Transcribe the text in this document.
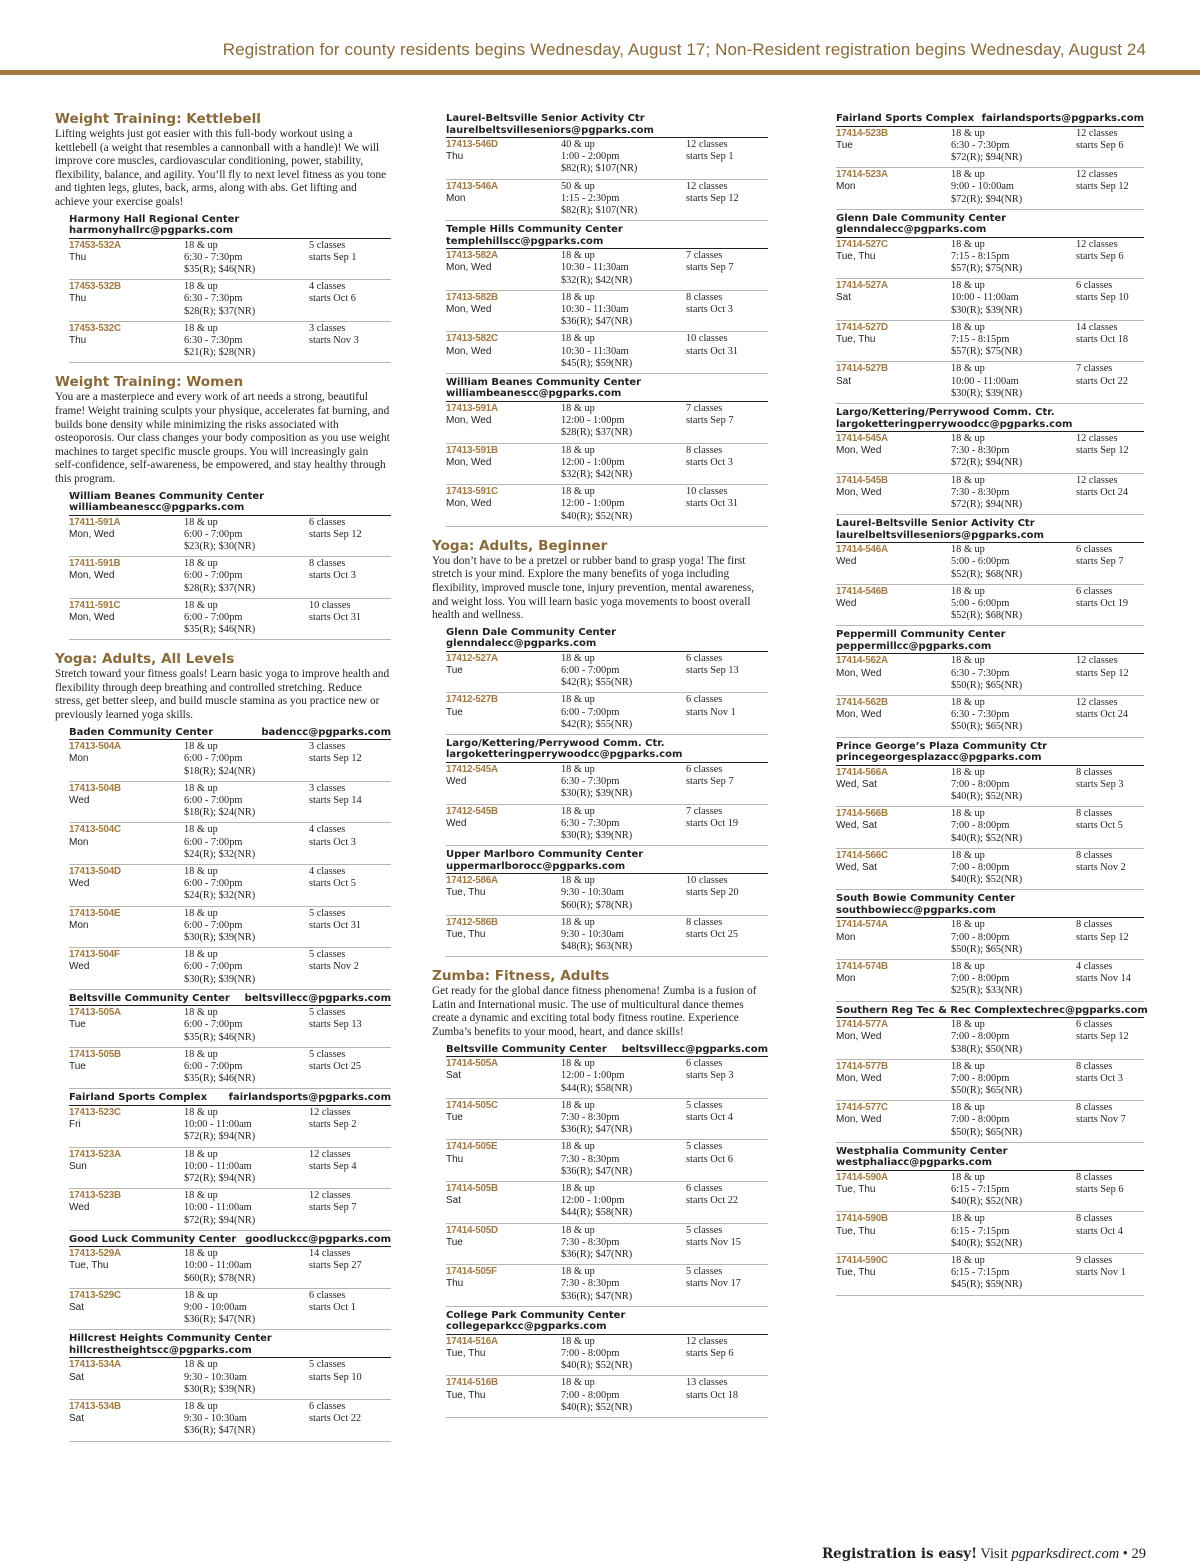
Registration for county residents begins Wednesday, August 17; Non-Resident registration begins Wednesday, August 24
Weight Training: Kettlebell
Lifting weights just got easier with this full-body workout using a kettlebell (a weight that resembles a cannonball with a handle)! We will improve core muscles, cardiovascular conditioning, power, stability, flexibility, balance, and agility. You’ll fly to next level fitness as you tone and tighten legs, glutes, back, arms, along with abs. Get lifting and achieve your exercise goals!
Harmony Hall Regional Center
harmonyhallrc@pgparks.com
17453-532A
Thu
18 & up
6:30 - 7:30pm
$35(R); $46(NR)
5 classes
starts Sep 1
17453-532B
Thu
18 & up
6:30 - 7:30pm
$28(R); $37(NR)
4 classes
starts Oct 6
17453-532C
Thu
18 & up
6:30 - 7:30pm
$21(R); $28(NR)
3 classes
starts Nov 3
Weight Training: Women
You are a masterpiece and every work of art needs a strong, beautiful frame! Weight training sculpts your physique, accelerates fat burning, and builds bone density while minimizing the risks associated with osteoporosis. Our class changes your body composition as you use weight machines to target specific muscle groups. You will increasingly gain self-confidence, self-awareness, be empowered, and stay healthy through this program.
William Beanes Community Center
williambeanescc@pgparks.com
17411-591A
Mon, Wed
18 & up
6:00 - 7:00pm
$23(R); $30(NR)
6 classes
starts Sep 12
17411-591B
Mon, Wed
18 & up
6:00 - 7:00pm
$28(R); $37(NR)
8 classes
starts Oct 3
17411-591C
Mon, Wed
18 & up
6:00 - 7:00pm
$35(R); $46(NR)
10 classes
starts Oct 31
Yoga: Adults, All Levels
Stretch toward your fitness goals! Learn basic yoga to improve health and flexibility through deep breathing and controlled stretching. Reduce stress, get better sleep, and build muscle stamina as you practice new or previously learned yoga skills.
Baden Community Center	badencc@pgparks.com
17413-504A
Mon
18 & up
6:00 - 7:00pm
$18(R); $24(NR)
3 classes
starts Sep 12
17413-504B
Wed
18 & up
6:00 - 7:00pm
$18(R); $24(NR)
3 classes
starts Sep 14
17413-504C
Mon
18 & up
6:00 - 7:00pm
$24(R); $32(NR)
4 classes
starts Oct 3
17413-504D
Wed
18 & up
6:00 - 7:00pm
$24(R); $32(NR)
4 classes
starts Oct 5
17413-504E
Mon
18 & up
6:00 - 7:00pm
$30(R); $39(NR)
5 classes
starts Oct 31
17413-504F
Wed
18 & up
6:00 - 7:00pm
$30(R); $39(NR)
5 classes
starts Nov 2
Beltsville Community Center beltsvillecc@pgparks.com
17413-505A
Tue
18 & up
6:00 - 7:00pm
$35(R); $46(NR)
5 classes
starts Sep 13
17413-505B
Tue
18 & up
6:00 - 7:00pm
$35(R); $46(NR)
5 classes
starts Oct 25
Fairland Sports Complex fairlandsports@pgparks.com
17413-523C
Fri
18 & up
10:00 - 11:00am
$72(R); $94(NR)
12 classes
starts Sep 2
17413-523A
Sun
18 & up
10:00 - 11:00am
$72(R); $94(NR)
12 classes
starts Sep 4
17413-523B
Wed
18 & up
10:00 - 11:00am
$72(R); $94(NR)
12 classes
starts Sep 7
Good Luck Community Center goodluckcc@pgparks.com
17413-529A
Tue, Thu
18 & up
10:00 - 11:00am
$60(R); $78(NR)
14 classes
starts Sep 27
17413-529C
Sat
18 & up
9:00 - 10:00am
$36(R); $47(NR)
6 classes
starts Oct 1
Hillcrest Heights Community Center
hillcrestheightscc@pgparks.com
17413-534A
Sat
18 & up
9:30 - 10:30am
$30(R); $39(NR)
5 classes
starts Sep 10
17413-534B
Sat
18 & up
9:30 - 10:30am
$36(R); $47(NR)
6 classes
starts Oct 22
Laurel-Beltsville Senior Activity Ctr
laurelbeltsvilleseniors@pgparks.com
17413-546D
Thu
40 & up
1:00 - 2:00pm
$82(R); $107(NR)
12 classes
starts Sep 1
17413-546A
Mon
50 & up
1:15 - 2:30pm
$82(R); $107(NR)
12 classes
starts Sep 12
Temple Hills Community Center
templehillscc@pgparks.com
17413-582A
Mon, Wed
18 & up
10:30 - 11:30am
$32(R); $42(NR)
7 classes
starts Sep 7
17413-582B
Mon, Wed
18 & up
10:30 - 11:30am
$36(R); $47(NR)
8 classes
starts Oct 3
17413-582C
Mon, Wed
18 & up
10:30 - 11:30am
$45(R); $59(NR)
10 classes
starts Oct 31
William Beanes Community Center
williambeanescc@pgparks.com
17413-591A
Mon, Wed
18 & up
12:00 - 1:00pm
$28(R); $37(NR)
7 classes
starts Sep 7
17413-591B
Mon, Wed
18 & up
12:00 - 1:00pm
$32(R); $42(NR)
8 classes
starts Oct 3
17413-591C
Mon, Wed
18 & up
12:00 - 1:00pm
$40(R); $52(NR)
10 classes
starts Oct 31
Yoga: Adults, Beginner
You don’t have to be a pretzel or rubber band to grasp yoga! The first stretch is your mind. Explore the many benefits of yoga including flexibility, improved muscle tone, injury prevention, mental awareness, and weight loss. You will learn basic yoga movements to boost overall health and wellness.
Glenn Dale Community Center
glenndalecc@pgparks.com
17412-527A
Tue
18 & up
6:00 - 7:00pm
$42(R); $55(NR)
6 classes
starts Sep 13
17412-527B
Tue
18 & up
6:00 - 7:00pm
$42(R); $55(NR)
6 classes
starts Nov 1
Largo/Kettering/Perrywood Comm. Ctr.
largoketteringperrywoodcc@pgparks.com
17412-545A
Wed
18 & up
6:30 - 7:30pm
$30(R); $39(NR)
6 classes
starts Sep 7
17412-545B
Wed
18 & up
6:30 - 7:30pm
$30(R); $39(NR)
7 classes
starts Oct 19
Upper Marlboro Community Center
uppermarlborocc@pgparks.com
17412-586A
Tue, Thu
18 & up
9:30 - 10:30am
$60(R); $78(NR)
10 classes
starts Sep 20
17412-586B
Tue, Thu
18 & up
9:30 - 10:30am
$48(R); $63(NR)
8 classes
starts Oct 25
Zumba: Fitness, Adults
Get ready for the global dance fitness phenomena! Zumba is a fusion of Latin and International music. The use of multicultural dance themes create a dynamic and exciting total body fitness routine. Experience Zumba’s benefits to your mood, heart, and dance skills!
Beltsville Community Center beltsvillecc@pgparks.com
17414-505A
Sat
18 & up
12:00 - 1:00pm
$44(R); $58(NR)
6 classes
starts Sep 3
17414-505C
Tue
18 & up
7:30 - 8:30pm
$36(R); $47(NR)
5 classes
starts Oct 4
17414-505E
Thu
18 & up
7:30 - 8:30pm
$36(R); $47(NR)
5 classes
starts Oct 6
17414-505B
Sat
18 & up
12:00 - 1:00pm
$44(R); $58(NR)
6 classes
starts Oct 22
17414-505D
Tue
18 & up
7:30 - 8:30pm
$36(R); $47(NR)
5 classes
starts Nov 15
17414-505F
Thu
18 & up
7:30 - 8:30pm
$36(R); $47(NR)
5 classes
starts Nov 17
College Park Community Center
collegeparkcc@pgparks.com
17414-516A
Tue, Thu
18 & up
7:00 - 8:00pm
$40(R); $52(NR)
12 classes
starts Sep 6
17414-516B
Tue, Thu
18 & up
7:00 - 8:00pm
$40(R); $52(NR)
13 classes
starts Oct 18
Fairland Sports Complex fairlandsports@pgparks.com
17414-523B
Tue
18 & up
6:30 - 7:30pm
$72(R); $94(NR)
12 classes
starts Sep 6
17414-523A
Mon
18 & up
9:00 - 10:00am
$72(R); $94(NR)
12 classes
starts Sep 12
Glenn Dale Community Center
glenndalecc@pgparks.com
17414-527C
Tue, Thu
18 & up
7:15 - 8:15pm
$57(R); $75(NR)
12 classes
starts Sep 6
17414-527A
Sat
18 & up
10:00 - 11:00am
$30(R); $39(NR)
6 classes
starts Sep 10
17414-527D
Tue, Thu
18 & up
7:15 - 8:15pm
$57(R); $75(NR)
14 classes
starts Oct 18
17414-527B
Sat
18 & up
10:00 - 11:00am
$30(R); $39(NR)
7 classes
starts Oct 22
Largo/Kettering/Perrywood Comm. Ctr.
largoketteringperrywoodcc@pgparks.com
17414-545A
Mon, Wed
18 & up
7:30 - 8:30pm
$72(R); $94(NR)
12 classes
starts Sep 12
17414-545B
Mon, Wed
18 & up
7:30 - 8:30pm
$72(R); $94(NR)
12 classes
starts Oct 24
Laurel-Beltsville Senior Activity Ctr
laurelbeltsvilleseniors@pgparks.com
17414-546A
Wed
18 & up
5:00 - 6:00pm
$52(R); $68(NR)
6 classes
starts Sep 7
17414-546B
Wed
18 & up
5:00 - 6:00pm
$52(R); $68(NR)
6 classes
starts Oct 19
Peppermill Community Center
peppermillcc@pgparks.com
17414-562A
Mon, Wed
18 & up
6:30 - 7:30pm
$50(R); $65(NR)
12 classes
starts Sep 12
17414-562B
Mon, Wed
18 & up
6:30 - 7:30pm
$50(R); $65(NR)
12 classes
starts Oct 24
Prince George’s Plaza Community Ctr
princegeorgesplazacc@pgparks.com
17414-566A
Wed, Sat
18 & up
7:00 - 8:00pm
$40(R); $52(NR)
8 classes
starts Sep 3
17414-566B
Wed, Sat
18 & up
7:00 - 8:00pm
$40(R); $52(NR)
8 classes
starts Oct 5
17414-566C
Wed, Sat
18 & up
7:00 - 8:00pm
$40(R); $52(NR)
8 classes
starts Nov 2
South Bowie Community Center
southbowiecc@pgparks.com
17414-574A
Mon
18 & up
7:00 - 8:00pm
$50(R); $65(NR)
8 classes
starts Sep 12
17414-574B
Mon
18 & up
7:00 - 8:00pm
$25(R); $33(NR)
4 classes
starts Nov 14
Southern Reg Tec & Rec Complex techrec@pgparks.com
17414-577A
Mon, Wed
18 & up
7:00 - 8:00pm
$38(R); $50(NR)
6 classes
starts Sep 12
17414-577B
Mon, Wed
18 & up
7:00 - 8:00pm
$50(R); $65(NR)
8 classes
starts Oct 3
17414-577C
Mon, Wed
18 & up
7:00 - 8:00pm
$50(R); $65(NR)
8 classes
starts Nov 7
Westphalia Community Center
westphaliacc@pgparks.com
17414-590A
Tue, Thu
18 & up
6:15 - 7:15pm
$40(R); $52(NR)
8 classes
starts Sep 6
17414-590B
Tue, Thu
18 & up
6:15 - 7:15pm
$40(R); $52(NR)
8 classes
starts Oct 4
17414-590C
Tue, Thu
18 & up
6:15 - 7:15pm
$45(R); $59(NR)
9 classes
starts Nov 1
Registration is easy! Visit pgparksdirect.com • 29
